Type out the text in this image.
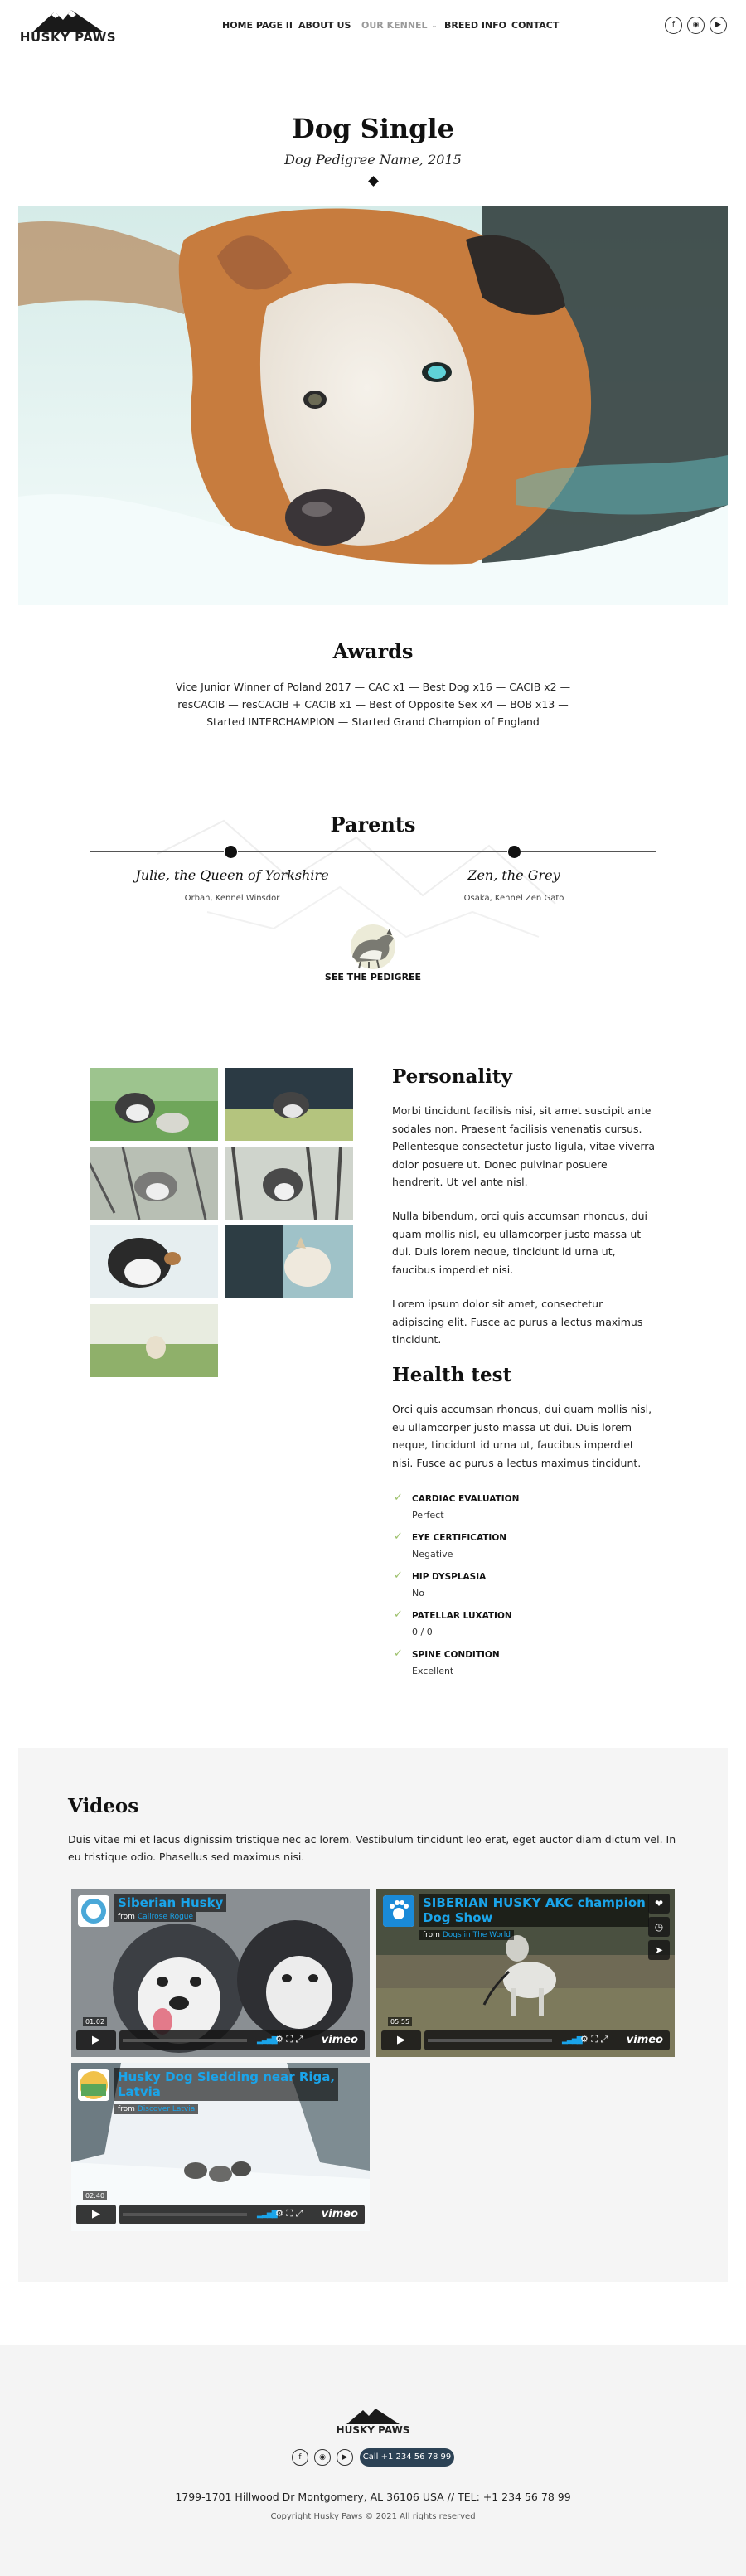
HUSKY PAWS
HOME PAGE II ABOUT US OUR KENNEL ⌄ BREED INFO CONTACT	f	◉	▶
Dog Single
Dog Pedigree Name, 2015
Awards
Vice Junior Winner of Poland 2017 — CAC x1 — Best Dog x16 — CACIB x2 — resCACIB — resCACIB + CACIB x1 — Best of Opposite Sex x4 — BOB x13 — Started INTERCHAMPION — Started Grand Champion of England
Parents
Julie, the Queen of Yorkshire
Orban, Kennel Winsdor
Zen, the Grey
Osaka, Kennel Zen Gato
SEE THE PEDIGREE
Personality
Morbi tincidunt facilisis nisi, sit amet suscipit ante sodales non. Praesent facilisis venenatis cursus. Pellentesque consectetur justo ligula, vitae viverra dolor posuere ut. Donec pulvinar posuere hendrerit. Ut vel ante nisl.
Nulla bibendum, orci quis accumsan rhoncus, dui quam mollis nisl, eu ullamcorper justo massa ut dui. Duis lorem neque, tincidunt id urna ut, faucibus imperdiet nisi.
Lorem ipsum dolor sit amet, consectetur adipiscing elit. Fusce ac purus a lectus maximus tincidunt.
Health test
Orci quis accumsan rhoncus, dui quam mollis nisl, eu ullamcorper justo massa ut dui. Duis lorem neque, tincidunt id urna ut, faucibus imperdiet nisi. Fusce ac purus a lectus maximus tincidunt.
✓ CARDIAC EVALUATION
Perfect
✓ EYE CERTIFICATION
Negative
✓ HIP DYSPLASIA
No
✓ PATELLAR LUXATION
0 / 0
✓ SPINE CONDITION
Excellent
Videos
Duis vitae mi et lacus dignissim tristique nec ac lorem. Vestibulum tincidunt leo erat, eget auctor diam dictum vel. In eu tristique odio. Phasellus sed maximus nisi.
Siberian Husky
from Calirose Rogue
01:02
▶	▂▃▅▇
⚙ ⛶ ⤢ vimeo
SIBERIAN HUSKY AKC champion
Dog Show
from Dogs in The World
❤
◷
➤
05:55
▶	▂▃▅▇
⚙ ⛶ ⤢ vimeo
Husky Dog Sledding near Riga,
Latvia
from Discover Latvia
02:40
▶	▂▃▅▇
⚙ ⛶ ⤢ vimeo
HUSKY PAWS
f	◉	▶	Call +1 234 56 78 99
1799-1701 Hillwood Dr Montgomery, AL 36106 USA // TEL: +1 234 56 78 99
Copyright Husky Paws © 2021 All rights reserved
